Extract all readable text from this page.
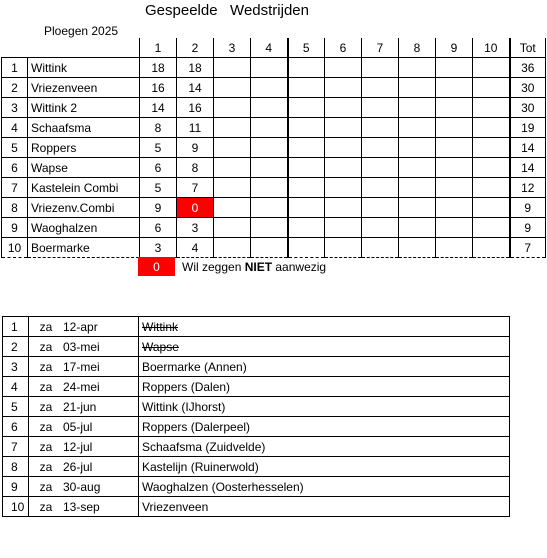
Gespeelde   Wedstrijden
Ploegen 2025
		1	2	3	4	5	6	7	8	9	10	Tot
1	Wittink	18	18									36
2	Vriezenveen	16	14									30
3	Wittink 2	14	16									30
4	Schaafsma	8	11									19
5	Roppers	5	9									14
6	Wapse	6	8									14
7	Kastelein Combi	5	7									12
8	Vriezenv.Combi	9	0									9
9	Waoghalzen	6	3									9
10	Boermarke	3	4									7
0	Wil zeggen NIET aanwezig
1	za 12-apr	Wittink
2	za 03-mei	Wapse
3	za 17-mei	Boermarke (Annen)
4	za 24-mei	Roppers (Dalen)
5	za 21-jun	Wittink (IJhorst)
6	za 05-jul	Roppers (Dalerpeel)
7	za 12-jul	Schaafsma (Zuidvelde)
8	za 26-jul	Kastelijn (Ruinerwold)
9	za 30-aug	Waoghalzen (Oosterhesselen)
10	za 13-sep	Vriezenveen
